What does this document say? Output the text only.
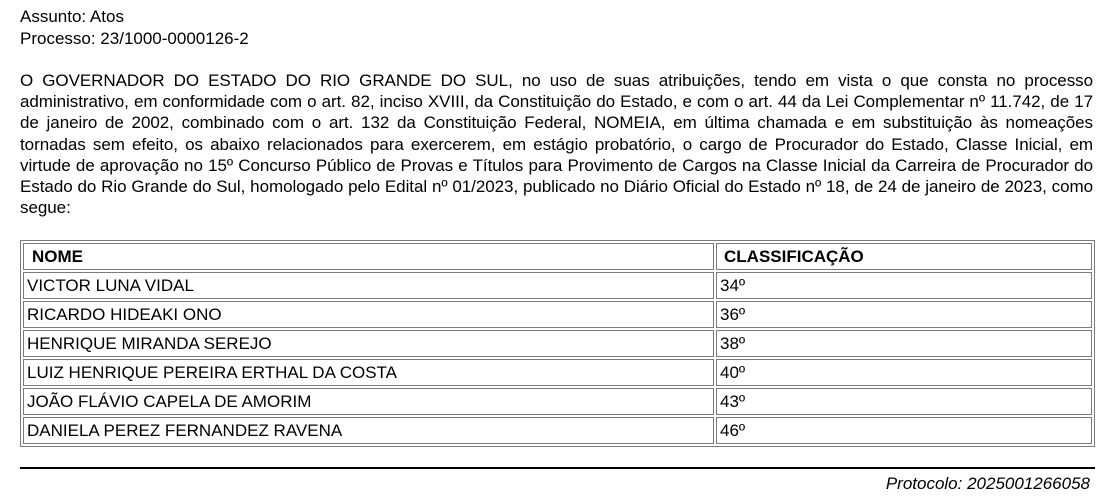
Assunto: Atos
Processo: 23/1000-0000126-2
O GOVERNADOR DO ESTADO DO RIO GRANDE DO SUL, no uso de suas atribuições, tendo em vista o que consta no processo administrativo, em conformidade com o art. 82, inciso XVIII, da Constituição do Estado, e com o art. 44 da Lei Complementar nº 11.742, de 17 de janeiro de 2002, combinado com o art. 132 da Constituição Federal, NOMEIA, em última chamada e em substituição às nomeações tornadas sem efeito, os abaixo relacionados para exercerem, em estágio probatório, o cargo de Procurador do Estado, Classe Inicial, em virtude de aprovação no 15º Concurso Público de Provas e Títulos para Provimento de Cargos na Classe Inicial da Carreira de Procurador do Estado do Rio Grande do Sul, homologado pelo Edital nº 01/2023, publicado no Diário Oficial do Estado nº 18, de 24 de janeiro de 2023, como segue:
NOME	CLASSIFICAÇÃO
VICTOR LUNA VIDAL	34º
RICARDO HIDEAKI ONO	36º
HENRIQUE MIRANDA SEREJO	38º
LUIZ HENRIQUE PEREIRA ERTHAL DA COSTA	40º
JOÃO FLÁVIO CAPELA DE AMORIM	43º
DANIELA PEREZ FERNANDEZ RAVENA	46º
Protocolo: 2025001266058
